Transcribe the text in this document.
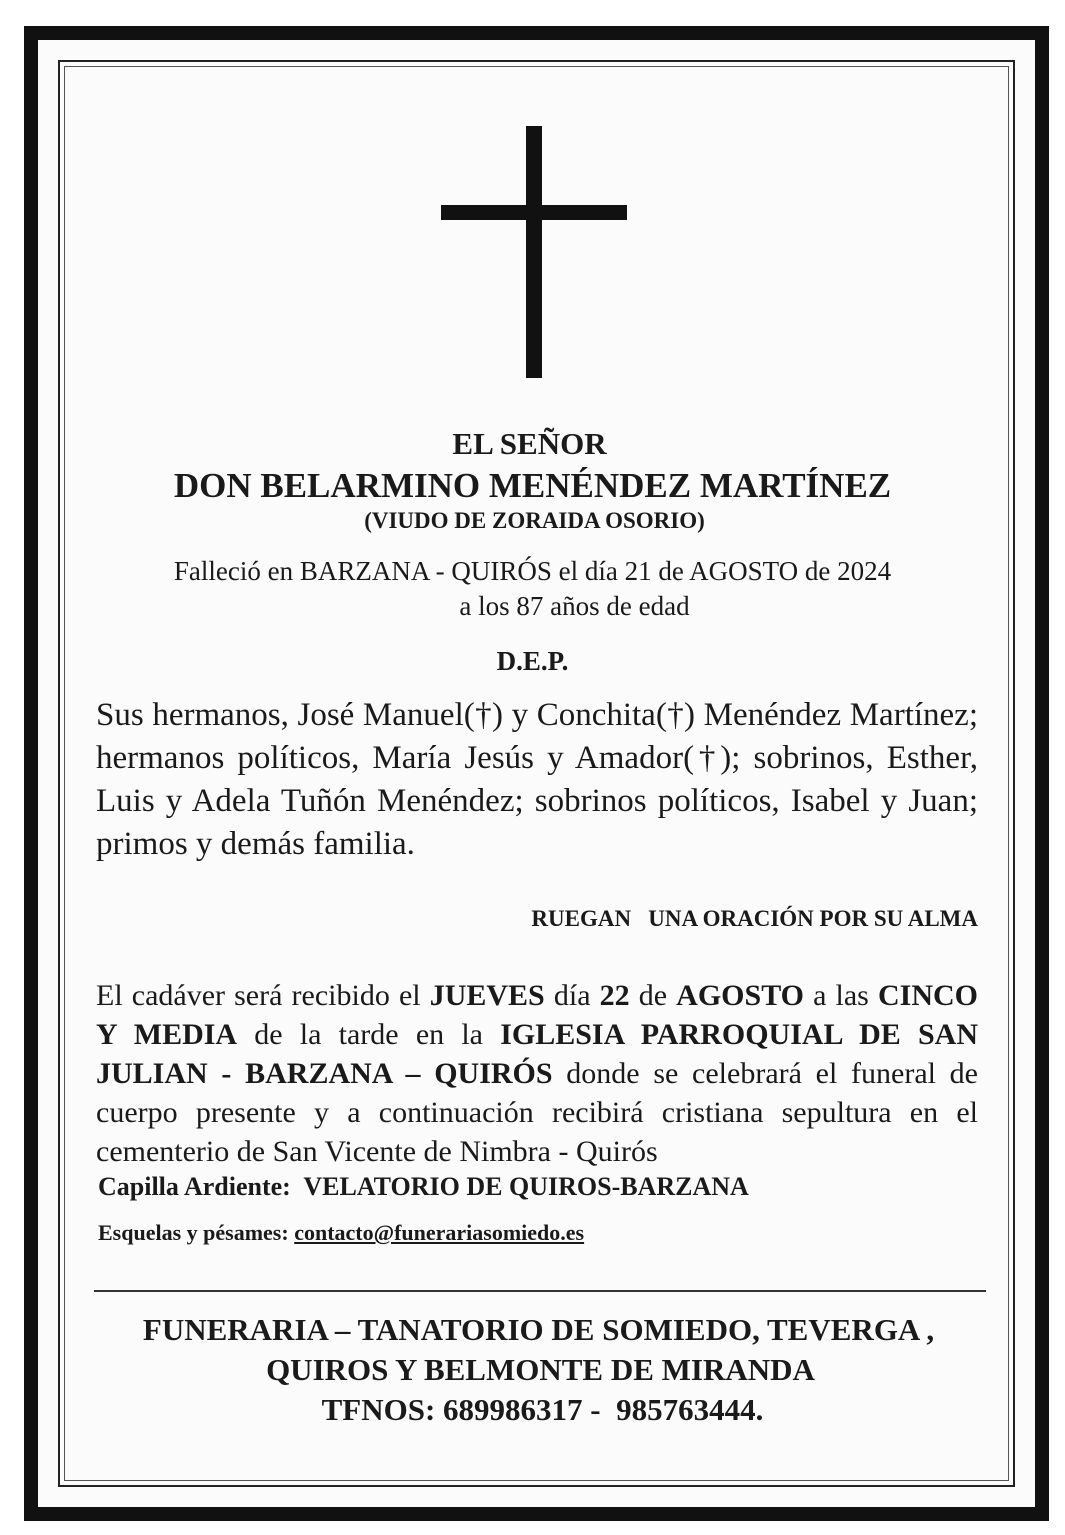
EL SEÑOR
DON BELARMINO MENÉNDEZ MARTÍNEZ
(VIUDO DE ZORAIDA OSORIO)
Falleció en BARZANA - QUIRÓS el día 21 de AGOSTO de 2024
a los 87 años de edad
D.E.P.
Sus hermanos, José Manuel(†) y Conchita(†) Menéndez Martínez; hermanos políticos, María Jesús y Amador(†); sobrinos, Esther, Luis y Adela Tuñón Menéndez; sobrinos políticos, Isabel y Juan; primos y demás familia.
RUEGAN   UNA ORACIÓN POR SU ALMA
El cadáver será recibido el JUEVES día 22 de AGOSTO a las CINCO Y MEDIA de la tarde en la IGLESIA PARROQUIAL DE SAN JULIAN - BARZANA – QUIRÓS donde se celebrará el funeral de cuerpo presente y a continuación recibirá cristiana sepultura en el cementerio de San Vicente de Nimbra - Quirós
Capilla Ardiente: VELATORIO DE QUIROS-BARZANA
Esquelas y pésames: contacto@funerariasomiedo.es
FUNERARIA – TANATORIO DE SOMIEDO, TEVERGA ,
QUIROS Y BELMONTE DE MIRANDA
TFNOS: 689986317 -  985763444.
